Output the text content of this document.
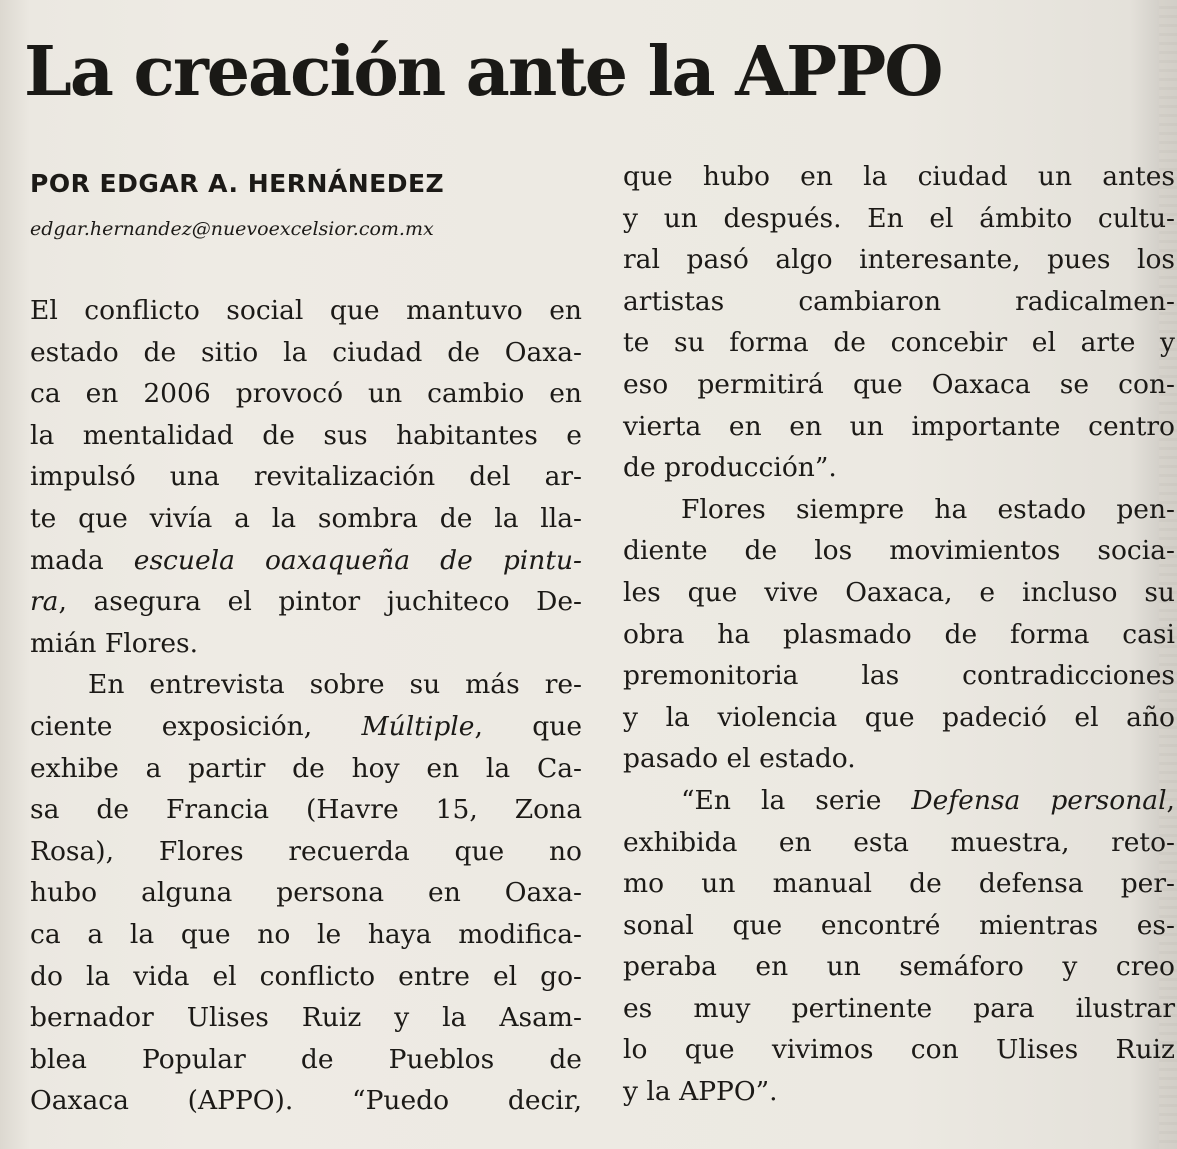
La creación ante la APPO
POR EDGAR A. HERNÁNEDEZ
edgar.hernandez@nuevoexcelsior.com.mx
El conflicto social que mantuvo en
estado de sitio la ciudad de Oaxa-
ca en 2006 provocó un cambio en
la mentalidad de sus habitantes e
impulsó una revitalización del ar-
te que vivía a la sombra de la lla-
mada escuela oaxaqueña de pintu-
ra, asegura el pintor juchiteco De-
mián Flores.
En entrevista sobre su más re-
ciente exposición, Múltiple, que
exhibe a partir de hoy en la Ca-
sa de Francia (Havre 15, Zona
Rosa), Flores recuerda que no
hubo alguna persona en Oaxa-
ca a la que no le haya modifica-
do la vida el conflicto entre el go-
bernador Ulises Ruiz y la Asam-
blea Popular de Pueblos de
Oaxaca (APPO). “Puedo decir,
que hubo en la ciudad un antes
y un después. En el ámbito cultu-
ral pasó algo interesante, pues los
artistas cambiaron radicalmen-
te su forma de concebir el arte y
eso permitirá que Oaxaca se con-
vierta en en un importante centro
de producción”.
Flores siempre ha estado pen-
diente de los movimientos socia-
les que vive Oaxaca, e incluso su
obra ha plasmado de forma casi
premonitoria las contradicciones
y la violencia que padeció el año
pasado el estado.
“En la serie Defensa personal,
exhibida en esta muestra, reto-
mo un manual de defensa per-
sonal que encontré mientras es-
peraba en un semáforo y creo
es muy pertinente para ilustrar
lo que vivimos con Ulises Ruiz
y la APPO”.
